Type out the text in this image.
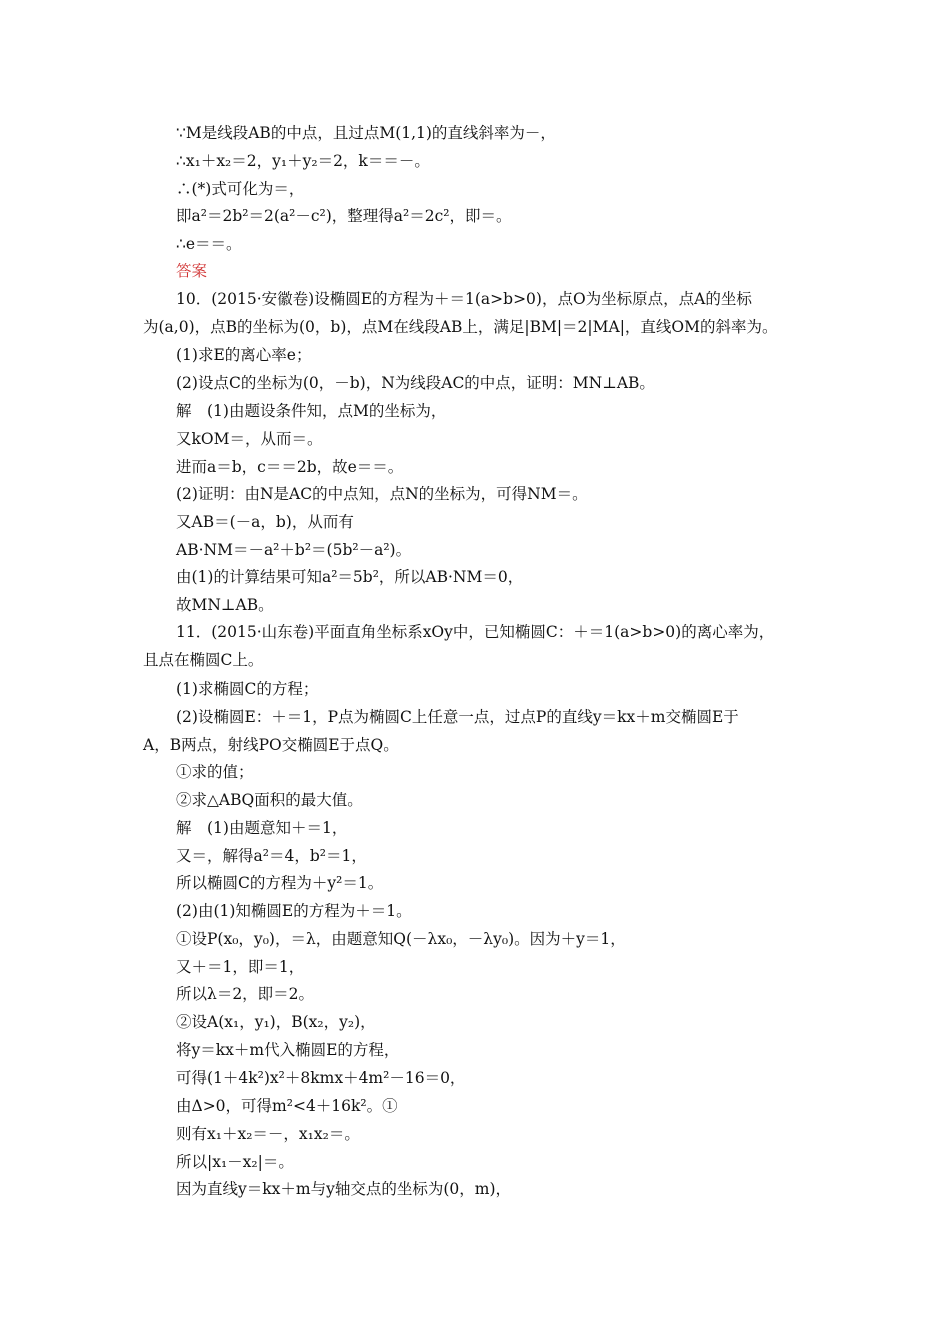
∵M是线段AB的中点，且过点M(1,1)的直线斜率为－，
∴x₁＋x₂＝2，y₁＋y₂＝2，k＝＝－。
∴(*)式可化为＝，
即a²＝2b²＝2(a²－c²)，整理得a²＝2c²，即＝。
∴e＝＝。
答案
10．(2015·安徽卷)设椭圆E的方程为＋＝1(a>b>0)，点O为坐标原点，点A的坐标
为(a,0)，点B的坐标为(0，b)，点M在线段AB上，满足|BM|＝2|MA|，直线OM的斜率为。
(1)求E的离心率e；
(2)设点C的坐标为(0，－b)，N为线段AC的中点，证明：MN⊥AB。
解　(1)由题设条件知，点M的坐标为，
又kOM＝，从而＝。
进而a＝b，c＝＝2b，故e＝＝。
(2)证明：由N是AC的中点知，点N的坐标为，可得NM＝。
又AB＝(－a，b)，从而有
AB·NM＝－a²＋b²＝(5b²－a²)。
由(1)的计算结果可知a²＝5b²，所以AB·NM＝0，
故MN⊥AB。
11．(2015·山东卷)平面直角坐标系xOy中，已知椭圆C：＋＝1(a>b>0)的离心率为，
且点在椭圆C上。
(1)求椭圆C的方程；
(2)设椭圆E：＋＝1，P点为椭圆C上任意一点，过点P的直线y＝kx＋m交椭圆E于
A，B两点，射线PO交椭圆E于点Q。
①求的值；
②求△ABQ面积的最大值。
解　(1)由题意知＋＝1，
又＝，解得a²＝4，b²＝1，
所以椭圆C的方程为＋y²＝1。
(2)由(1)知椭圆E的方程为＋＝1。
①设P(x₀，y₀)，＝λ，由题意知Q(－λx₀，－λy₀)。因为＋y＝1，
又＋＝1，即＝1，
所以λ＝2，即＝2。
②设A(x₁，y₁)，B(x₂，y₂)，
将y＝kx＋m代入椭圆E的方程，
可得(1＋4k²)x²＋8kmx＋4m²－16＝0，
由Δ>0，可得m²<4＋16k²。①
则有x₁＋x₂＝－，x₁x₂＝。
所以|x₁－x₂|＝。
因为直线y＝kx＋m与y轴交点的坐标为(0，m)，
